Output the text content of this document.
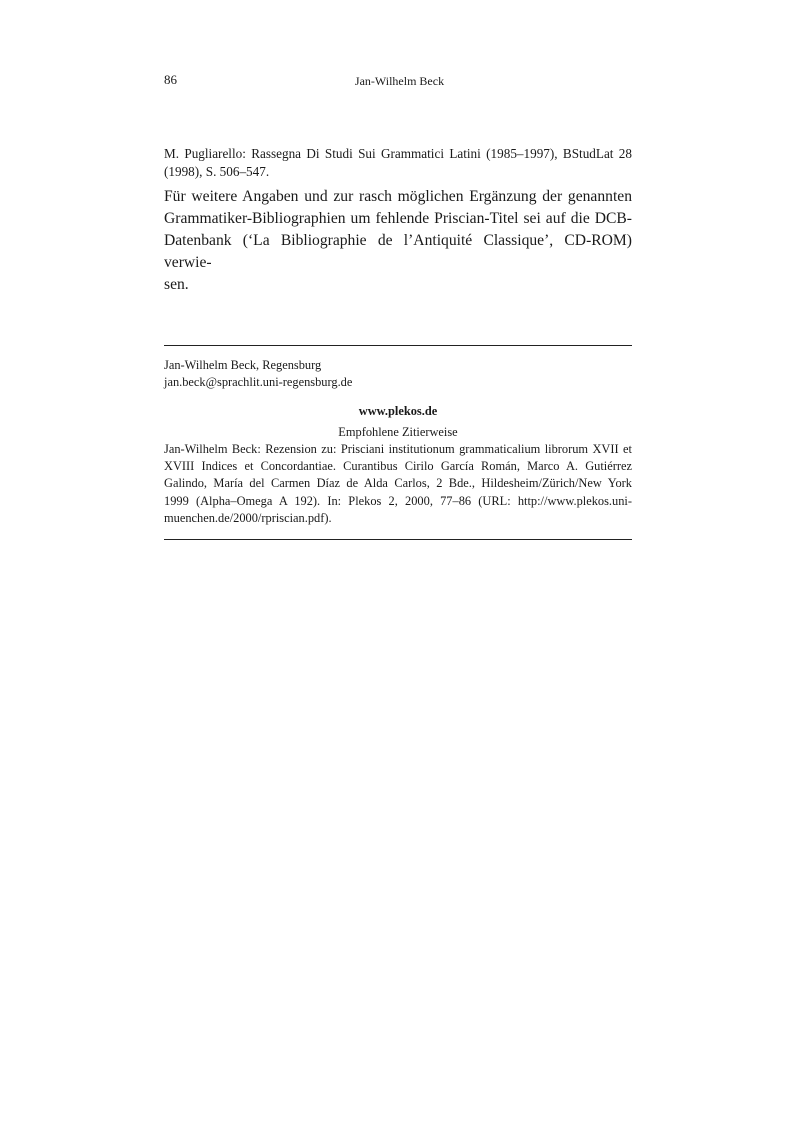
86	Jan-Wilhelm Beck
M. Pugliarello: Rassegna Di Studi Sui Grammatici Latini (1985–1997), BStudLat 28
(1998), S. 506–547.
Für weitere Angaben und zur rasch möglichen Ergänzung der genannten
Grammatiker-Bibliographien um fehlende Priscian-Titel sei auf die DCB-
Datenbank (‘La Bibliographie de l’Antiquité Classique’, CD-ROM) verwie-
sen.
Jan-Wilhelm Beck, Regensburg
jan.beck@sprachlit.uni-regensburg.de
www.plekos.de
Empfohlene Zitierweise
Jan-Wilhelm Beck: Rezension zu: Prisciani institutionum grammaticalium librorum XVII et
XVIII Indices et Concordantiae. Curantibus Cirilo García Román, Marco A. Gutiérrez
Galindo, María del Carmen Díaz de Alda Carlos, 2 Bde., Hildesheim/Zürich/New York
1999 (Alpha–Omega A 192). In: Plekos 2, 2000, 77–86 (URL: http://www.plekos.uni-
muenchen.de/2000/rpriscian.pdf).
